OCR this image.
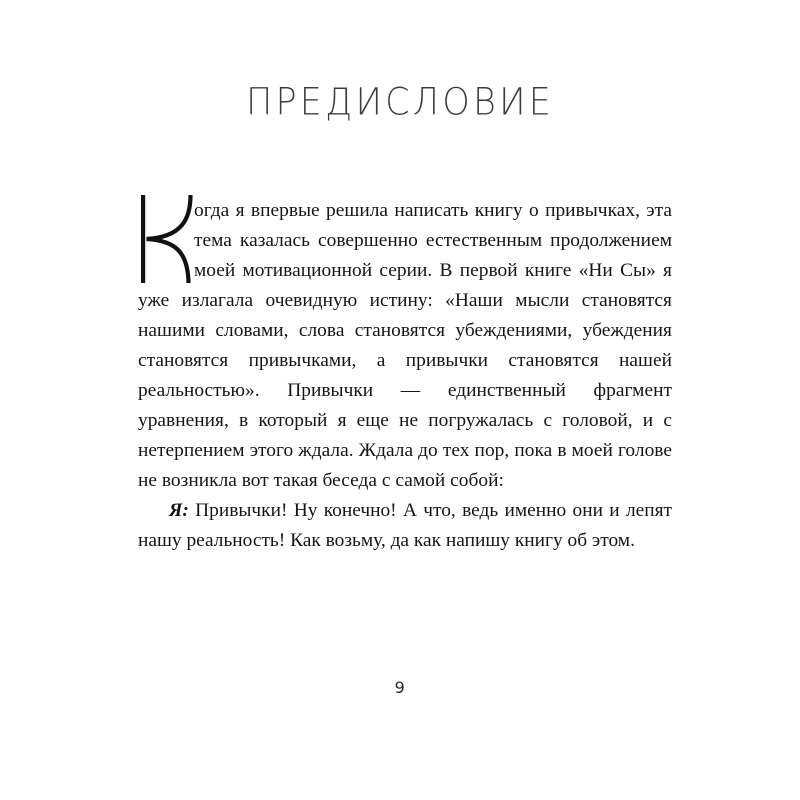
ПРЕДИСЛОВИЕ

огда я впервые решила написать книгу о привычках, эта тема казалась совершенно естественным продолжением моей мотивационной серии. В первой книге «Ни Сы» я уже излагала очевидную истину: «Наши мысли становятся нашими словами, слова становятся убеждениями, убеждения становятся привычками, а привычки становятся нашей реальностью». Привычки — единственный фрагмент уравнения, в который я еще не погружалась с головой, и с нетерпением этого ждала. Ждала до тех пор, пока в моей голове не возникла вот такая беседа с самой собой:

Я: Привычки! Ну конечно! А что, ведь именно они и лепят нашу реальность! Как возьму, да как напишу книгу об этом.

9
